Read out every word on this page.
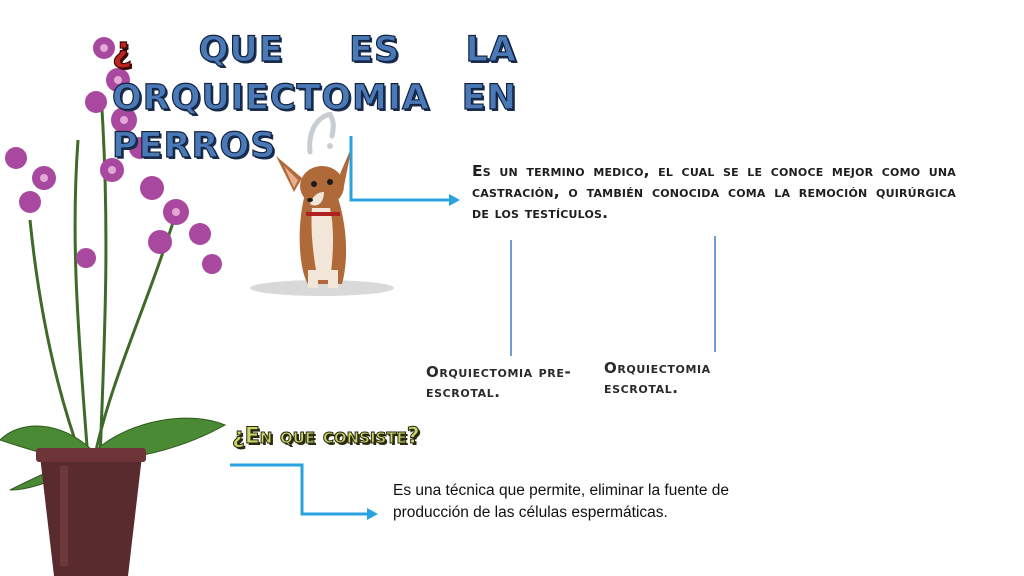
¿ QUE ES LA
ORQUIECTOMIA EN
PERROS
Es un termino medico, el cual se le conoce mejor como una castración, o también conocida coma la remoción quirúrgica de los testículos.
Orquiectomia pre-escrotal.
Orquiectomia escrotal.
¿En que consiste?
Es una técnica que permite, eliminar la fuente de producción de las células espermáticas.
